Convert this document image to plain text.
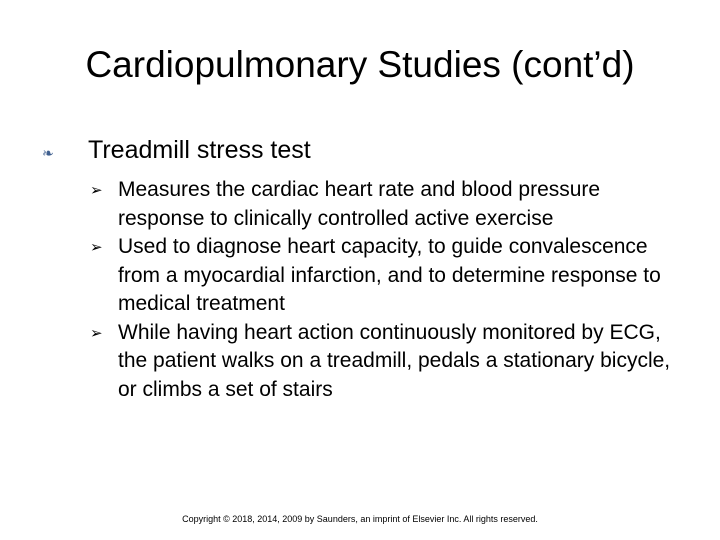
Cardiopulmonary Studies (cont’d)
❧	Treadmill stress test
➢ Measures the cardiac heart rate and blood pressure response to clinically controlled active exercise
➢ Used to diagnose heart capacity, to guide convalescence from a myocardial infarction, and to determine response to medical treatment
➢ While having heart action continuously monitored by ECG, the patient walks on a treadmill, pedals a stationary bicycle, or climbs a set of stairs
Copyright © 2018, 2014, 2009 by Saunders, an imprint of Elsevier Inc. All rights reserved.
